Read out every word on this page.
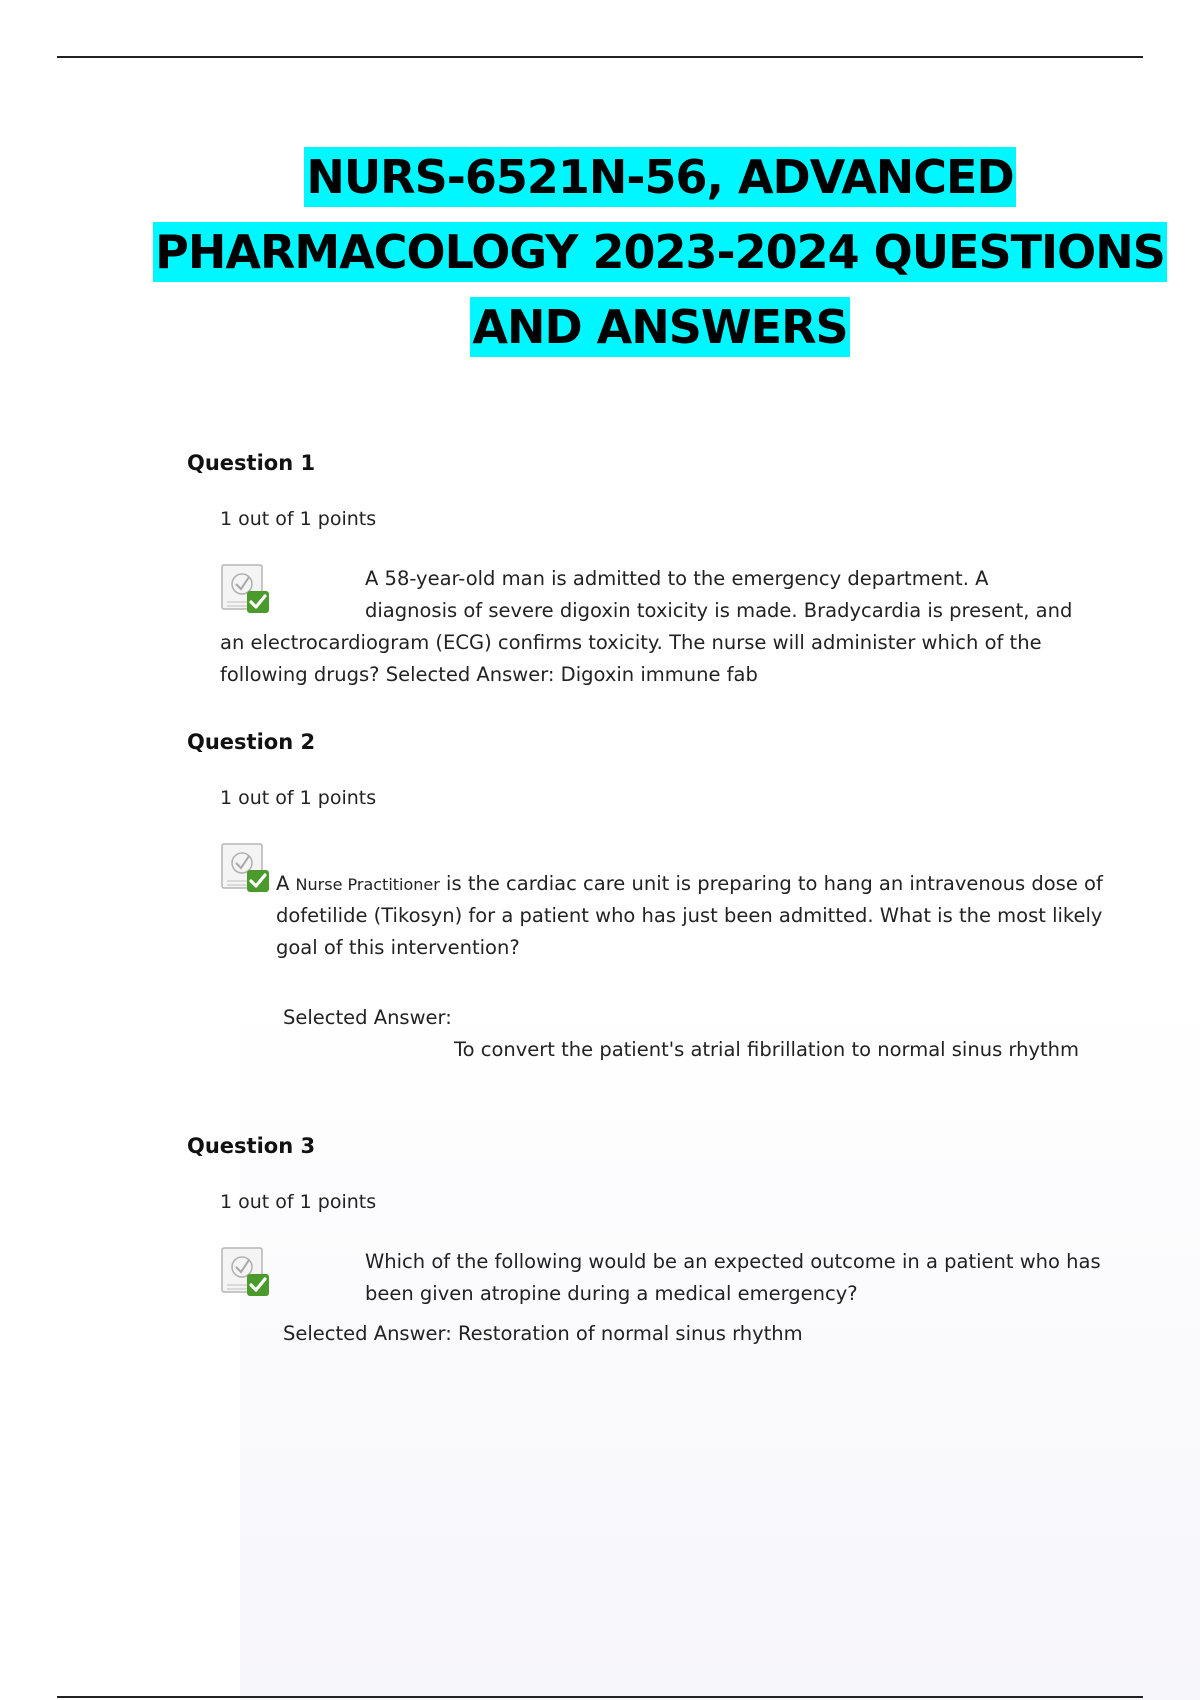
NURS-6521N-56, ADVANCED
PHARMACOLOGY 2023-2024 QUESTIONS
AND ANSWERS
Question 1
1 out of 1 points
A 58-year-old man is admitted to the emergency department. A
diagnosis of severe digoxin toxicity is made. Bradycardia is present, and
an electrocardiogram (ECG) confirms toxicity. The nurse will administer which of the
following drugs? Selected Answer: Digoxin immune fab
Question 2
1 out of 1 points
A Nurse Practitioner is the cardiac care unit is preparing to hang an intravenous dose of
dofetilide (Tikosyn) for a patient who has just been admitted. What is the most likely
goal of this intervention?
Selected Answer:
To convert the patient's atrial fibrillation to normal sinus rhythm
Question 3
1 out of 1 points
Which of the following would be an expected outcome in a patient who has
been given atropine during a medical emergency?
Selected Answer: Restoration of normal sinus rhythm
